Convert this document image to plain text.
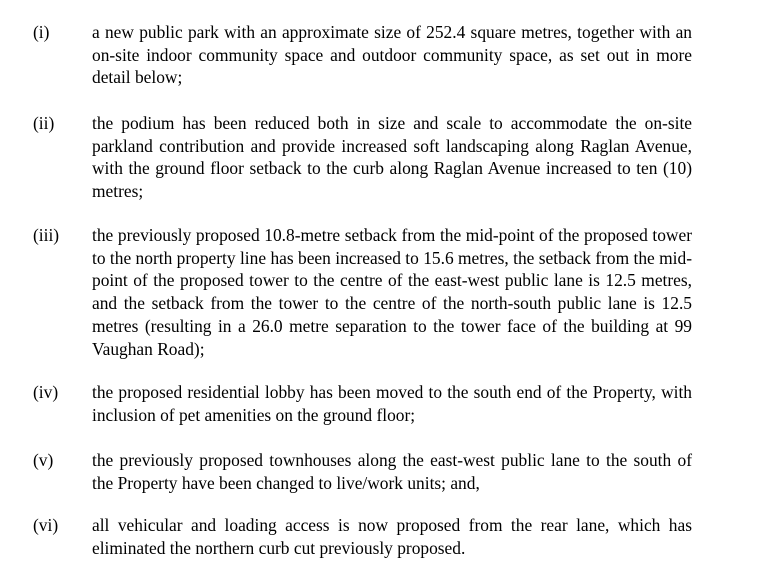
(i) a new public park with an approximate size of 252.4 square metres, together with an on-site indoor community space and outdoor community space, as set out in more detail below;
(ii) the podium has been reduced both in size and scale to accommodate the on-site parkland contribution and provide increased soft landscaping along Raglan Avenue, with the ground floor setback to the curb along Raglan Avenue increased to ten (10) metres;
(iii) the previously proposed 10.8-metre setback from the mid-point of the proposed tower to the north property line has been increased to 15.6 metres, the setback from the mid-point of the proposed tower to the centre of the east-west public lane is 12.5 metres, and the setback from the tower to the centre of the north-south public lane is 12.5 metres (resulting in a 26.0 metre separation to the tower face of the building at 99 Vaughan Road);
(iv) the proposed residential lobby has been moved to the south end of the Property, with inclusion of pet amenities on the ground floor;
(v) the previously proposed townhouses along the east-west public lane to the south of the Property have been changed to live/work units; and,
(vi) all vehicular and loading access is now proposed from the rear lane, which has eliminated the northern curb cut previously proposed.
